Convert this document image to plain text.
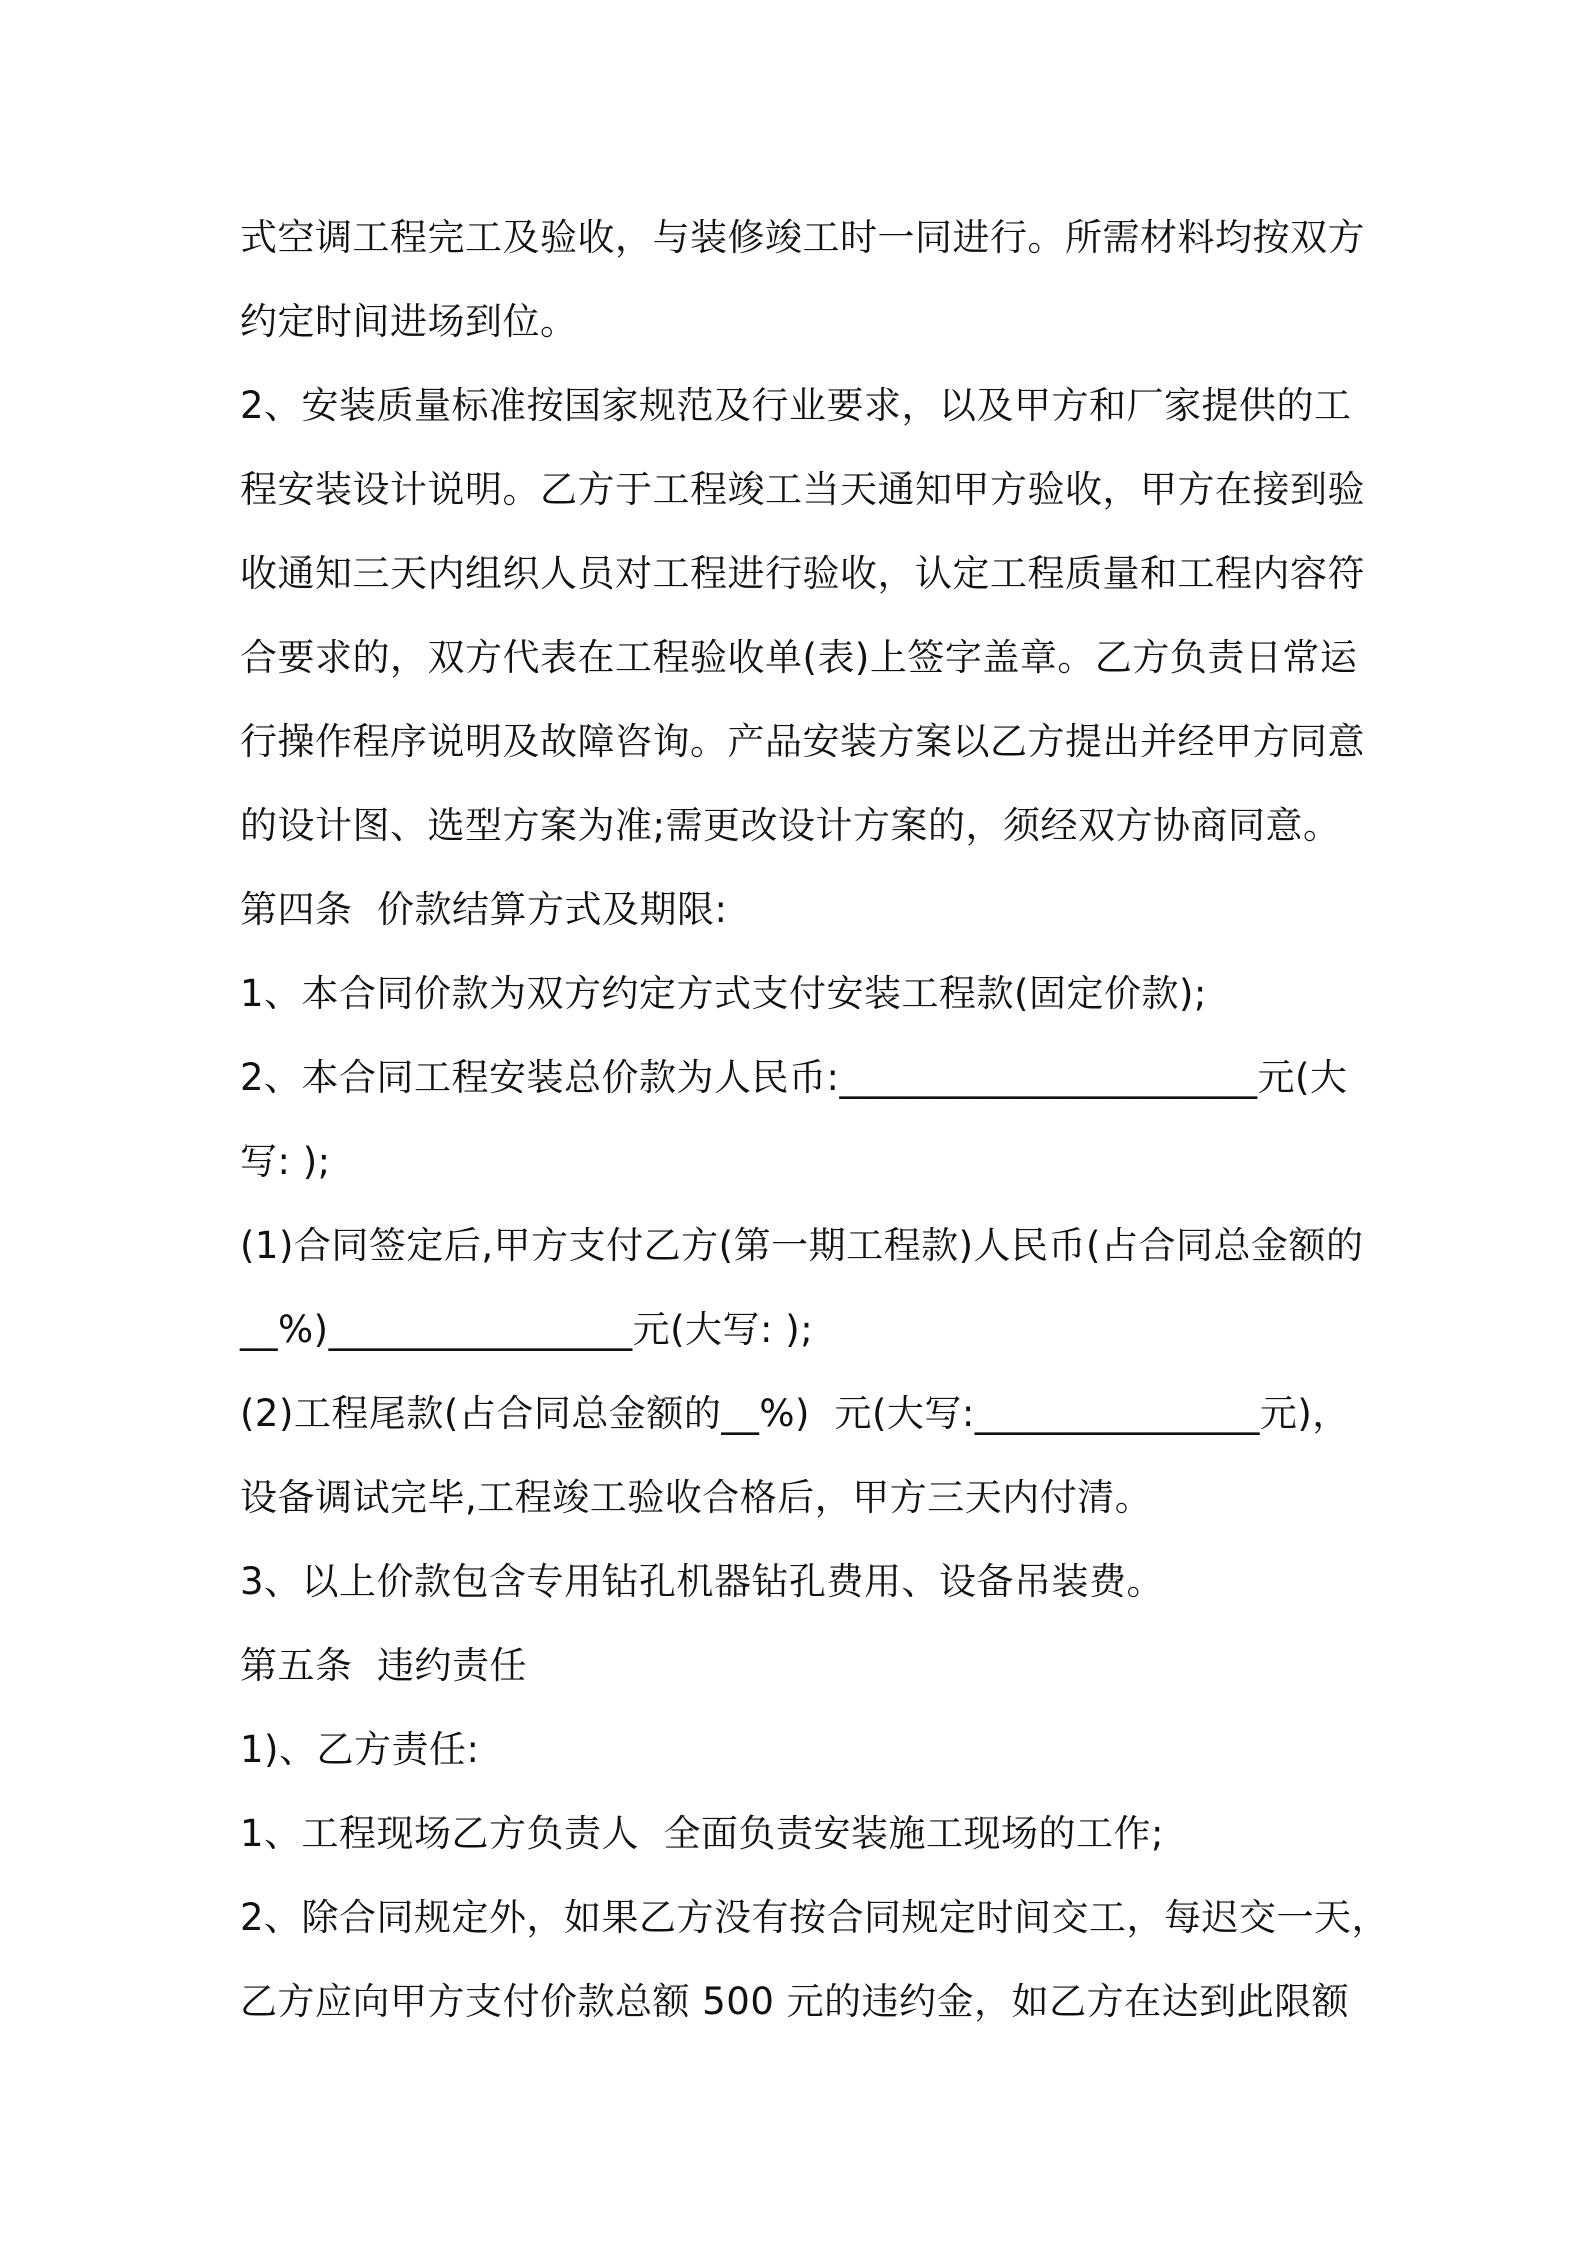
式空调工程完工及验收，与装修竣工时一同进行。所需材料均按双方
约定时间进场到位。
2、安装质量标准按国家规范及行业要求，以及甲方和厂家提供的工
程安装设计说明。乙方于工程竣工当天通知甲方验收，甲方在接到验
收通知三天内组织人员对工程进行验收，认定工程质量和工程内容符
合要求的，双方代表在工程验收单(表)上签字盖章。乙方负责日常运
行操作程序说明及故障咨询。产品安装方案以乙方提出并经甲方同意
的设计图、选型方案为准;需更改设计方案的，须经双方协商同意。
第四条  价款结算方式及期限:
1、本合同价款为双方约定方式支付安装工程款(固定价款);
2、本合同工程安装总价款为人民币:______________________元(大
写: );
(1)合同签定后,甲方支付乙方(第一期工程款)人民币(占合同总金额的
__%)________________元(大写: );
(2)工程尾款(占合同总金额的__%)  元(大写:_______________元)，
设备调试完毕,工程竣工验收合格后，甲方三天内付清。
3、以上价款包含专用钻孔机器钻孔费用、设备吊装费。
第五条  违约责任
1)、乙方责任:
1、工程现场乙方负责人  全面负责安装施工现场的工作;
2、除合同规定外，如果乙方没有按合同规定时间交工，每迟交一天，
乙方应向甲方支付价款总额 500 元的违约金，如乙方在达到此限额
